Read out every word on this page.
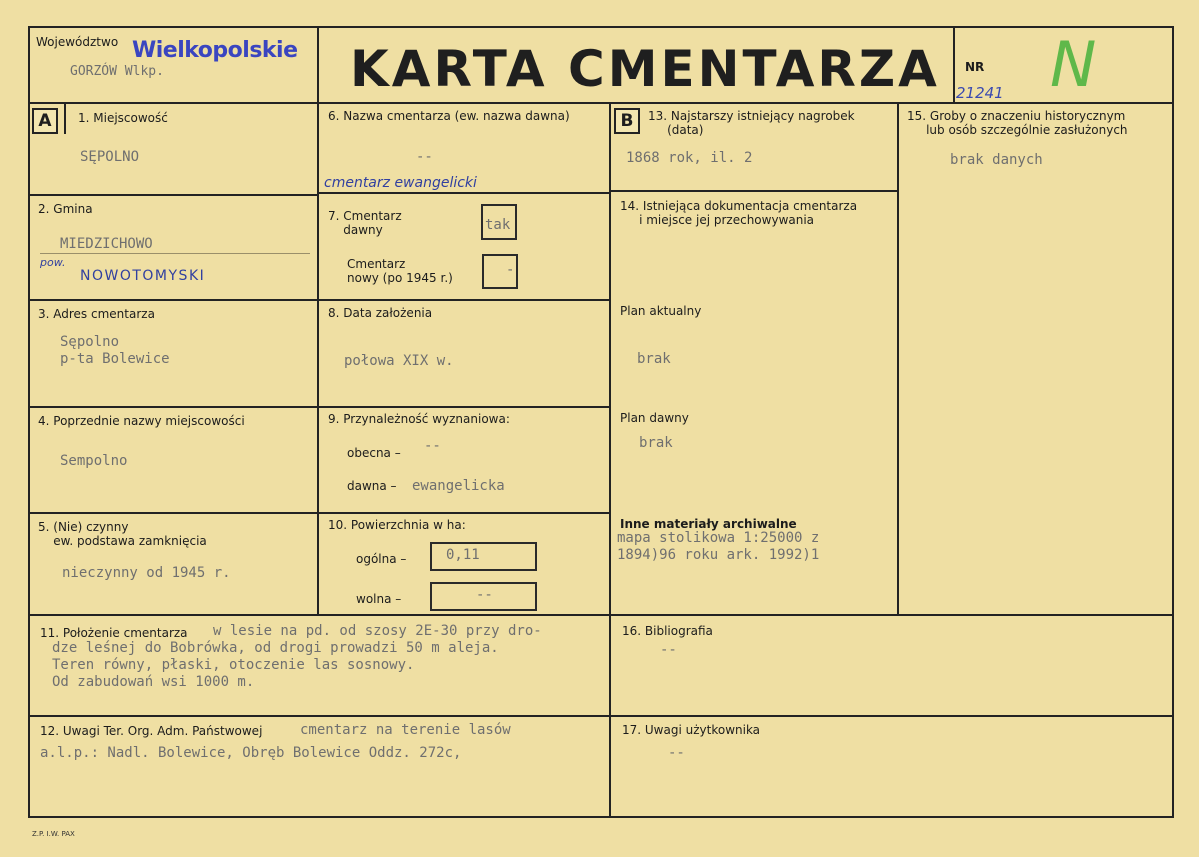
Województwo Wielkopolskie
GORZÓW Wlkp.	KARTA CMENTARZA NR
21241 N
A	B
1. Miejscowość
SĘPOLNO
2. Gmina
MIEDZICHOWO
pow.
NOWOTOMYSKI
3. Adres cmentarza
Sępolno
p-ta Bolewice
4. Poprzednie nazwy miejscowości
Sempolno
5. (Nie) czynny
ew. podstawa zamknięcia
nieczynny od 1945 r.
6. Nazwa cmentarza (ew. nazwa dawna)
--
cmentarz ewangelicki
7. Cmentarz
dawny	tak
Cmentarz
nowy (po 1945 r.)	-
8. Data założenia
połowa XIX w.
9. Przynależność wyznaniowa:
obecna – --
dawna – ewangelicka
10. Powierzchnia w ha:
ogólna –	0,11
wolna –	--
13. Najstarszy istniejący nagrobek
(data)
1868 rok, il. 2
14. Istniejąca dokumentacja cmentarza
i miejsce jej przechowywania
Plan aktualny
brak
Plan dawny
brak
Inne materiały archiwalne
mapa stolikowa 1:25000 z
1894)96 roku ark. 1992)1
15. Groby o znaczeniu historycznym
lub osób szczególnie zasłużonych
brak danych
11. Położenie cmentarza w lesie na pd. od szosy 2E-30 przy dro-
dze leśnej do Bobrówka, od drogi prowadzi 50 m aleja.
Teren równy, płaski, otoczenie las sosnowy.
Od zabudowań wsi 1000 m.
16. Bibliografia
--
12. Uwagi Ter. Org. Adm. Państwowej	cmentarz na terenie lasów
a.l.p.: Nadl. Bolewice, Obręb Bolewice Oddz. 272c,
17. Uwagi użytkownika
--
Z.P. I.W. PAX
